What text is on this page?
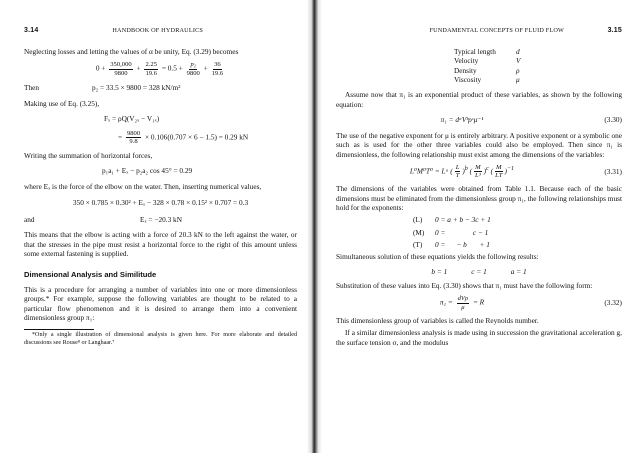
3.14	HANDBOOK OF HYDRAULICS

Neglecting losses and letting the values of α be unity, Eq. (3.29) becomes

$0 + \frac{350,000}{9800} + \frac{2.25}{19.6} = 0.5 + \frac{\text{p₂}}{9800} + \frac{36}{19.6}$
Then	p₂ = 33.5 × 9800 = 328 kN/m²

Making use of Eq. (3.25),

Fₓ = ρQ(V₂ₓ − V₁ₓ)
= $\frac{9800}{9.8} \times 0.106(0.707 \times 6 - 1.5) = 0.29$ kN

Writing the summation of horizontal forces,

p₁a₁ + Eₓ − p₂a₂ cos 45° = 0.29

where Eₓ is the force of the elbow on the water. Then, inserting numerical values,

350 × 0.785 × 0.30² + Eₓ − 328 × 0.78 × 0.15² × 0.707 = 0.3
and	Eₓ = −20.3 kN

This means that the elbow is acting with a force of 20.3 kN to the left against the water, or that the stresses in the pipe must resist a horizontal force to the right of this amount unless some external fastening is supplied.

Dimensional Analysis and Similitude

This is a procedure for arranging a number of variables into one or more dimensionless groups.* For example, suppose the following variables are thought to be related to a particular flow phenomenon and it is desired to arrange them into a convenient dimensionless group π₁:

*Only a single illustration of dimensional analysis is given here. For more elaborate and detailed discussions see Rouse⁸ or Langhaar.⁷

FUNDAMENTAL CONCEPTS OF FLUID FLOW	3.15
Typical length	d
Velocity	V
Density	ρ
Viscosity	μ

Assume now that π₁ is an exponential product of these variables, as shown by the following equation:

π₁ = dᵃVᵇρᶜμ⁻¹	(3.30)

The use of the negative exponent for μ is entirely arbitrary. A positive exponent or a symbolic one such as is used for the other three variables could also be employed. Then since π₁ is dimensionless, the following relationship must exist among the dimensions of the variables:

L⁰M⁰T⁰ = Lᵃ ( $\frac{L}{T} )^b$ ( $\frac{M}{\text{L³}} )^c$ ( $\frac{M}{LT} )^{-1}$	(3.31)

The dimensions of the variables were obtained from Table 1.1. Because each of the basic dimensions must be eliminated from the dimensionless group π₁, the following relationships must hold for the exponents:

(L)	0 = a + b − 3c + 1
(M)	0 =               c − 1
(T)	0 =      − b       + 1

Simultaneous solution of these equations yields the following results:

b = 1	c = 1	a = 1

Substitution of these values into Eq. (3.30) shows that π₁ must have the following form:

$\pi_1 = \frac{\text{dVρ}}{\mu} = R$	(3.32)

This dimensionless group of variables is called the Reynolds number.

If a similar dimensionless analysis is made using in succession the gravitational acceleration g, the surface tension σ, and the modulus
